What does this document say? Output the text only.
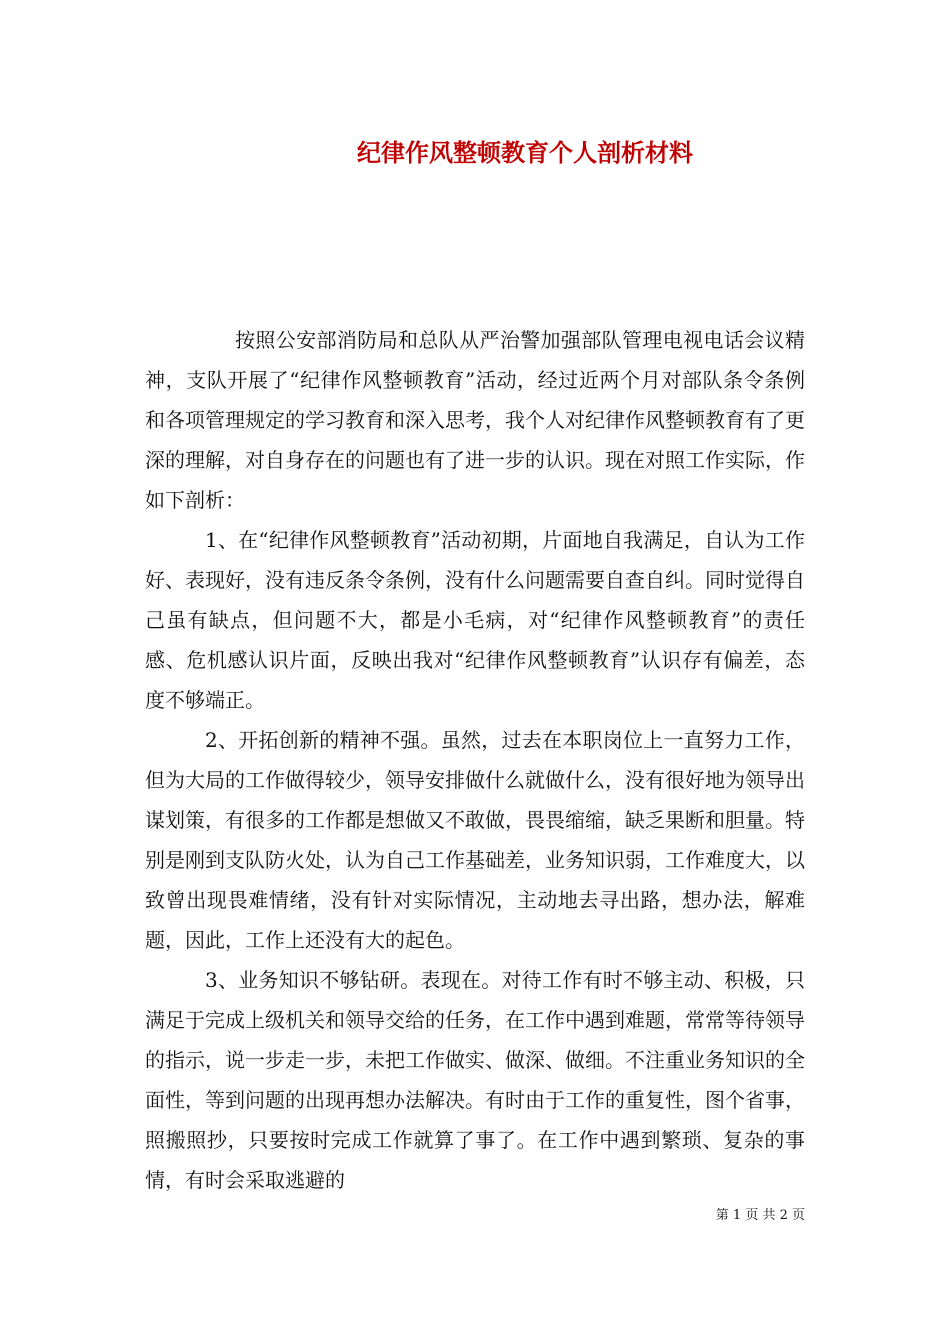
纪律作风整顿教育个人剖析材料

按照公安部消防局和总队从严治警加强部队管理电视电话会议精神，支队开展了“纪律作风整顿教育”活动，经过近两个月对部队条令条例和各项管理规定的学习教育和深入思考，我个人对纪律作风整顿教育有了更深的理解，对自身存在的问题也有了进一步的认识。现在对照工作实际，作如下剖析：

1、在“纪律作风整顿教育”活动初期，片面地自我满足，自认为工作好、表现好，没有违反条令条例，没有什么问题需要自查自纠。同时觉得自己虽有缺点，但问题不大，都是小毛病，对“纪律作风整顿教育”的责任感、危机感认识片面，反映出我对“纪律作风整顿教育”认识存有偏差，态度不够端正。

2、开拓创新的精神不强。虽然，过去在本职岗位上一直努力工作，但为大局的工作做得较少，领导安排做什么就做什么，没有很好地为领导出谋划策，有很多的工作都是想做又不敢做，畏畏缩缩，缺乏果断和胆量。特别是刚到支队防火处，认为自己工作基础差，业务知识弱，工作难度大，以致曾出现畏难情绪，没有针对实际情况，主动地去寻出路，想办法，解难题，因此，工作上还没有大的起色。

3、业务知识不够钻研。表现在。对待工作有时不够主动、积极，只满足于完成上级机关和领导交给的任务，在工作中遇到难题，常常等待领导的指示，说一步走一步，未把工作做实、做深、做细。不注重业务知识的全面性，等到问题的出现再想办法解决。有时由于工作的重复性，图个省事，照搬照抄，只要按时完成工作就算了事了。在工作中遇到繁琐、复杂的事情，有时会采取逃避的

第 1 页 共 2 页
